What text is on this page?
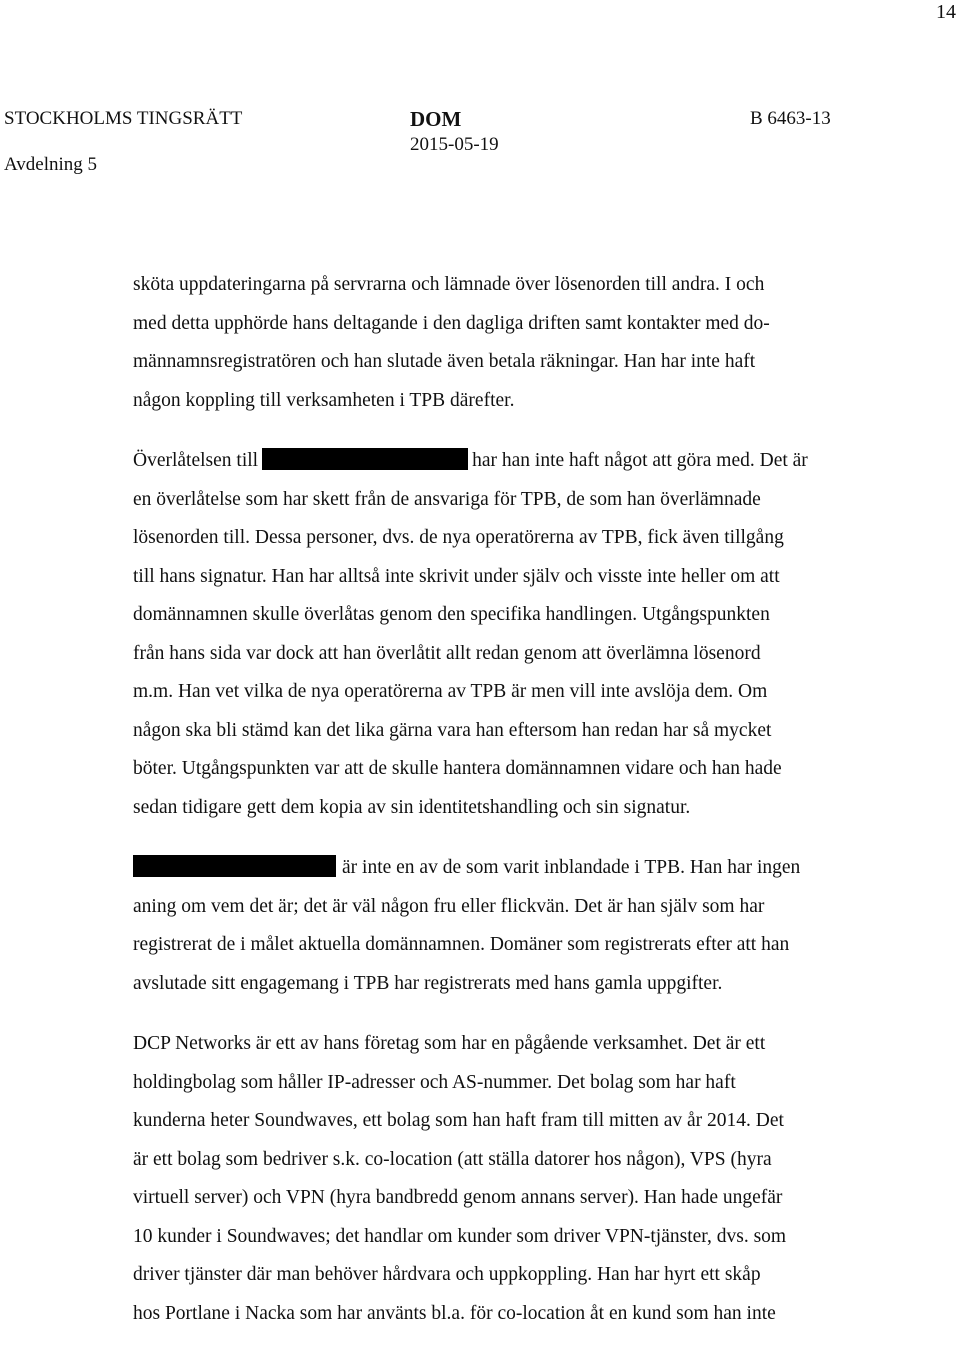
14
STOCKHOLMS TINGSRÄTT
Avdelning 5
DOM
2015-05-19
B 6463-13

sköta uppdateringarna på servrarna och lämnade över lösenorden till andra. I och
med detta upphörde hans deltagande i den dagliga driften samt kontakter med do-
männamnsregistratören och han slutade även betala räkningar. Han har inte haft
någon koppling till verksamheten i TPB därefter.

Överlåtelsen till	har han inte haft något att göra med. Det är
en överlåtelse som har skett från de ansvariga för TPB, de som han överlämnade
lösenorden till. Dessa personer, dvs. de nya operatörerna av TPB, fick även tillgång
till hans signatur. Han har alltså inte skrivit under själv och visste inte heller om att
domännamnen skulle överlåtas genom den specifika handlingen. Utgångspunkten
från hans sida var dock att han överlåtit allt redan genom att överlämna lösenord
m.m. Han vet vilka de nya operatörerna av TPB är men vill inte avslöja dem. Om
någon ska bli stämd kan det lika gärna vara han eftersom han redan har så mycket
böter. Utgångspunkten var att de skulle hantera domännamnen vidare och han hade
sedan tidigare gett dem kopia av sin identitetshandling och sin signatur.

är inte en av de som varit inblandade i TPB. Han har ingen
aning om vem det är; det är väl någon fru eller flickvän. Det är han själv som har
registrerat de i målet aktuella domännamnen. Domäner som registrerats efter att han
avslutade sitt engagemang i TPB har registrerats med hans gamla uppgifter.

DCP Networks är ett av hans företag som har en pågående verksamhet. Det är ett
holdingbolag som håller IP-adresser och AS-nummer. Det bolag som har haft
kunderna heter Soundwaves, ett bolag som han haft fram till mitten av år 2014. Det
är ett bolag som bedriver s.k. co-location (att ställa datorer hos någon), VPS (hyra
virtuell server) och VPN (hyra bandbredd genom annans server). Han hade ungefär
10 kunder i Soundwaves; det handlar om kunder som driver VPN-tjänster, dvs. som
driver tjänster där man behöver hårdvara och uppkoppling. Han har hyrt ett skåp
hos Portlane i Nacka som har använts bl.a. för co-location åt en kund som han inte
